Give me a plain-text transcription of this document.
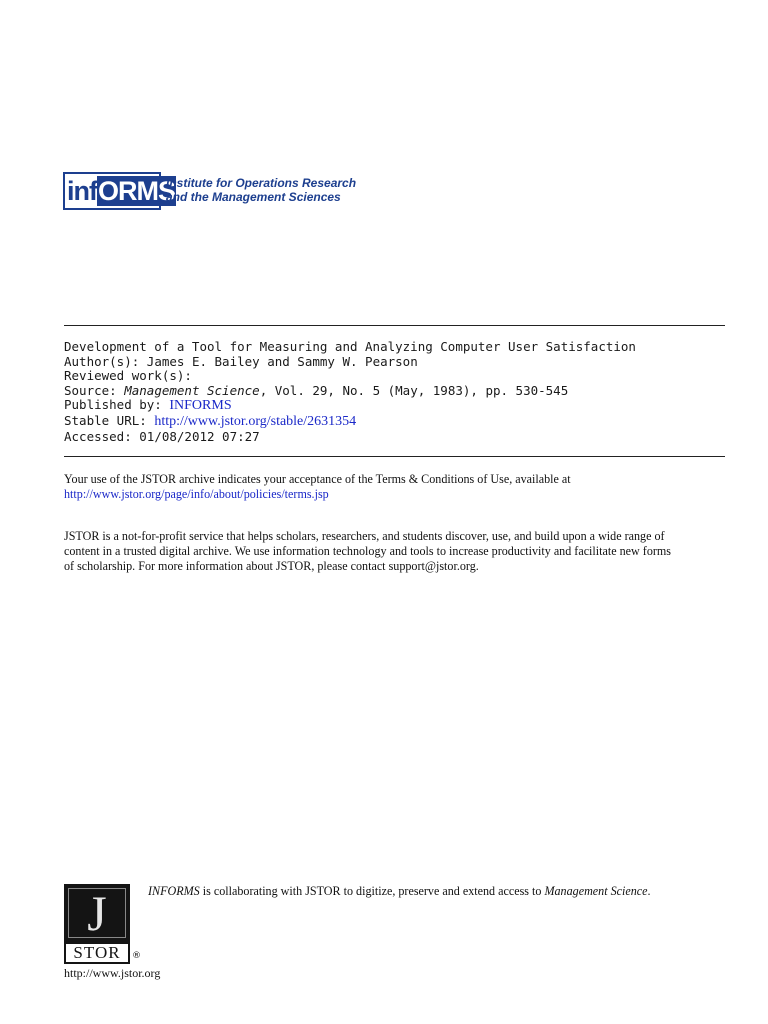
infORMS
Institute for Operations Research
and the Management Sciences
Development of a Tool for Measuring and Analyzing Computer User Satisfaction
Author(s): James E. Bailey and Sammy W. Pearson
Reviewed work(s):
Source: Management Science, Vol. 29, No. 5 (May, 1983), pp. 530-545
Published by: INFORMS
Stable URL: http://www.jstor.org/stable/2631354
Accessed: 01/08/2012 07:27
Your use of the JSTOR archive indicates your acceptance of the Terms & Conditions of Use, available at
http://www.jstor.org/page/info/about/policies/terms.jsp
JSTOR is a not-for-profit service that helps scholars, researchers, and students discover, use, and build upon a wide range of
content in a trusted digital archive. We use information technology and tools to increase productivity and facilitate new forms
of scholarship. For more information about JSTOR, please contact support@jstor.org.
J
STOR	®
INFORMS is collaborating with JSTOR to digitize, preserve and extend access to Management Science.
http://www.jstor.org
